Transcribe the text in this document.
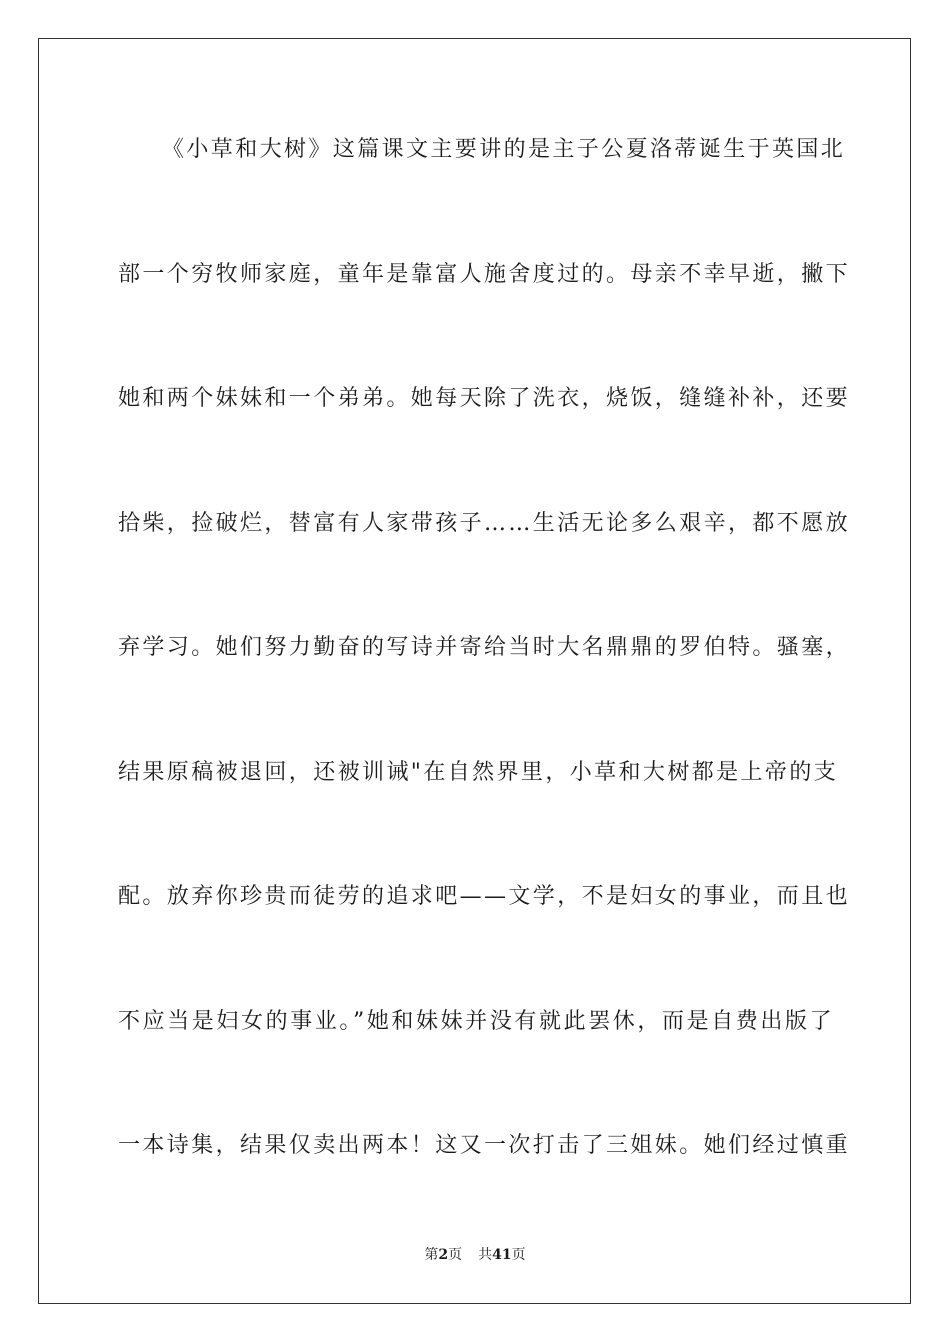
《小草和大树》这篇课文主要讲的是主子公夏洛蒂诞生于英国北
部一个穷牧师家庭，童年是靠富人施舍度过的。母亲不幸早逝，撇下
她和两个妹妹和一个弟弟。她每天除了洗衣，烧饭，缝缝补补，还要
拾柴，捡破烂，替富有人家带孩子……生活无论多么艰辛，都不愿放
弃学习。她们努力勤奋的写诗并寄给当时大名鼎鼎的罗伯特。骚塞，
结果原稿被退回，还被训诫"在自然界里，小草和大树都是上帝的支
配。放弃你珍贵而徒劳的追求吧——文学，不是妇女的事业，而且也
不应当是妇女的事业。”她和妹妹并没有就此罢休，而是自费出版了
一本诗集，结果仅卖出两本！这又一次打击了三姐妹。她们经过慎重
第2页 共41页
